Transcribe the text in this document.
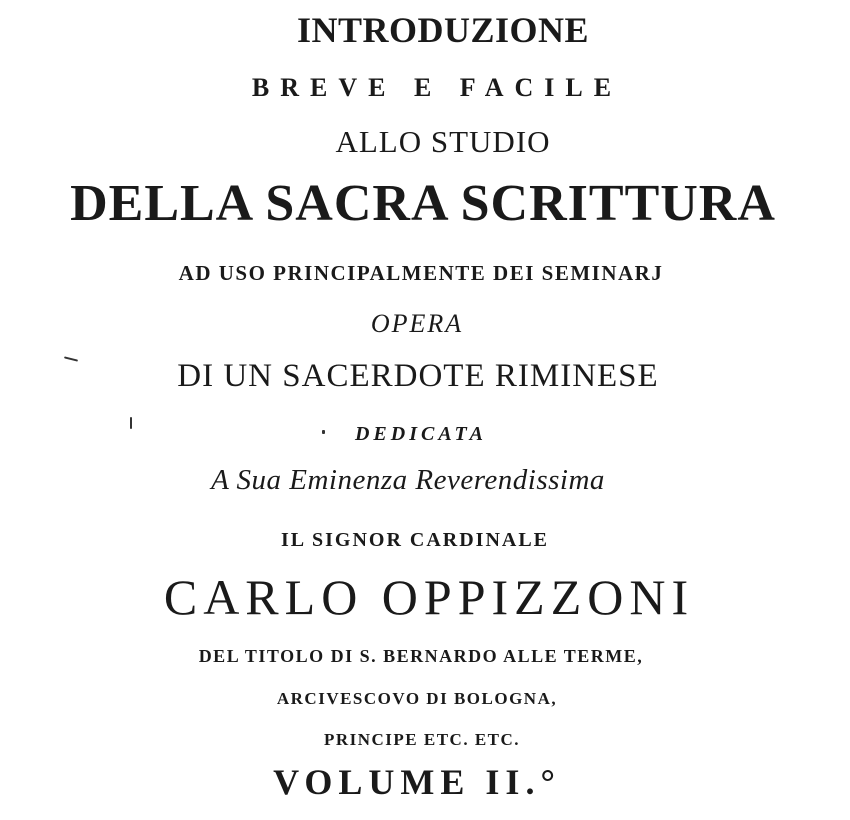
INTRODUZIONE
BREVE E FACILE
ALLO STUDIO
DELLA SACRA SCRITTURA
AD USO PRINCIPALMENTE DEI SEMINARJ
OPERA
DI UN SACERDOTE RIMINESE
DEDICATA
A Sua Eminenza Reverendissima
IL SIGNOR CARDINALE
CARLO OPPIZZONI
DEL TITOLO DI S. BERNARDO ALLE TERME,
ARCIVESCOVO DI BOLOGNA,
PRINCIPE ETC. ETC.
VOLUME II.°
